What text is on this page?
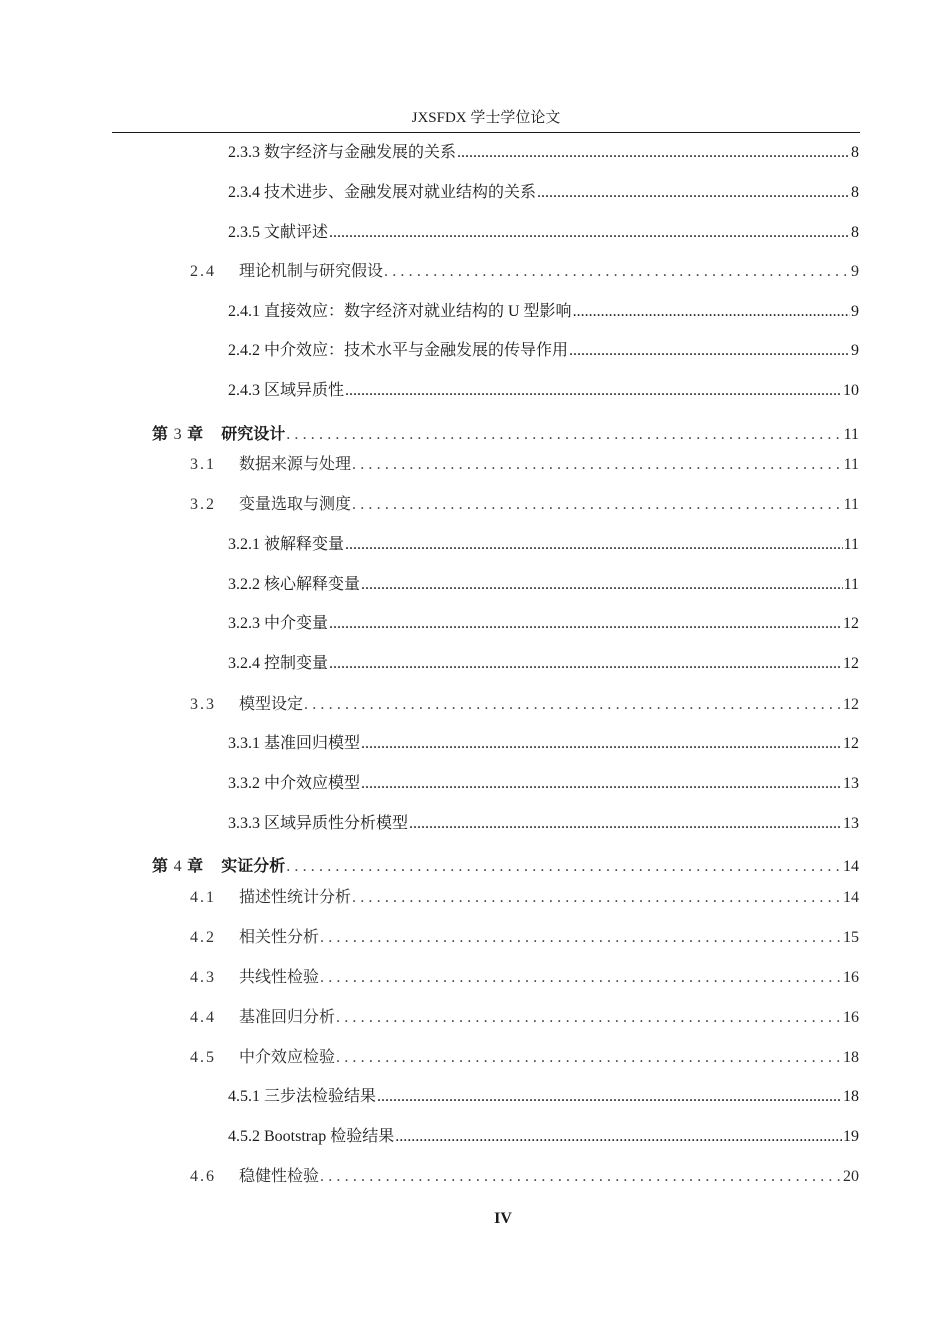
JXSFDX 学士学位论文
2.3.3 数字经济与金融发展的关系 .....	8
2.3.4 技术进步、金融发展对就业结构的关系 .....	8
2.3.5 文献评述 .....	8
2.4 理论机制与研究假设 .....	9
2.4.1 直接效应：数字经济对就业结构的 U 型影响 .....	9
2.4.2 中介效应：技术水平与金融发展的传导作用 .....	9
2.4.3 区域异质性 .....	10
第 3 章 研究设计 .....	11
3.1 数据来源与处理 .....	11
3.2 变量选取与测度 .....	11
3.2.1 被解释变量 .....	11
3.2.2 核心解释变量 .....	11
3.2.3 中介变量 .....	12
3.2.4 控制变量 .....	12
3.3 模型设定 .....	12
3.3.1 基准回归模型 .....	12
3.3.2 中介效应模型 .....	13
3.3.3 区域异质性分析模型 .....	13
第 4 章 实证分析 .....	14
4.1 描述性统计分析 .....	14
4.2 相关性分析 .....	15
4.3 共线性检验 .....	16
4.4 基准回归分析 .....	16
4.5 中介效应检验 .....	18
4.5.1 三步法检验结果 .....	18
4.5.2 Bootstrap 检验结果 .....	19
4.6 稳健性检验 .....	20
IV
